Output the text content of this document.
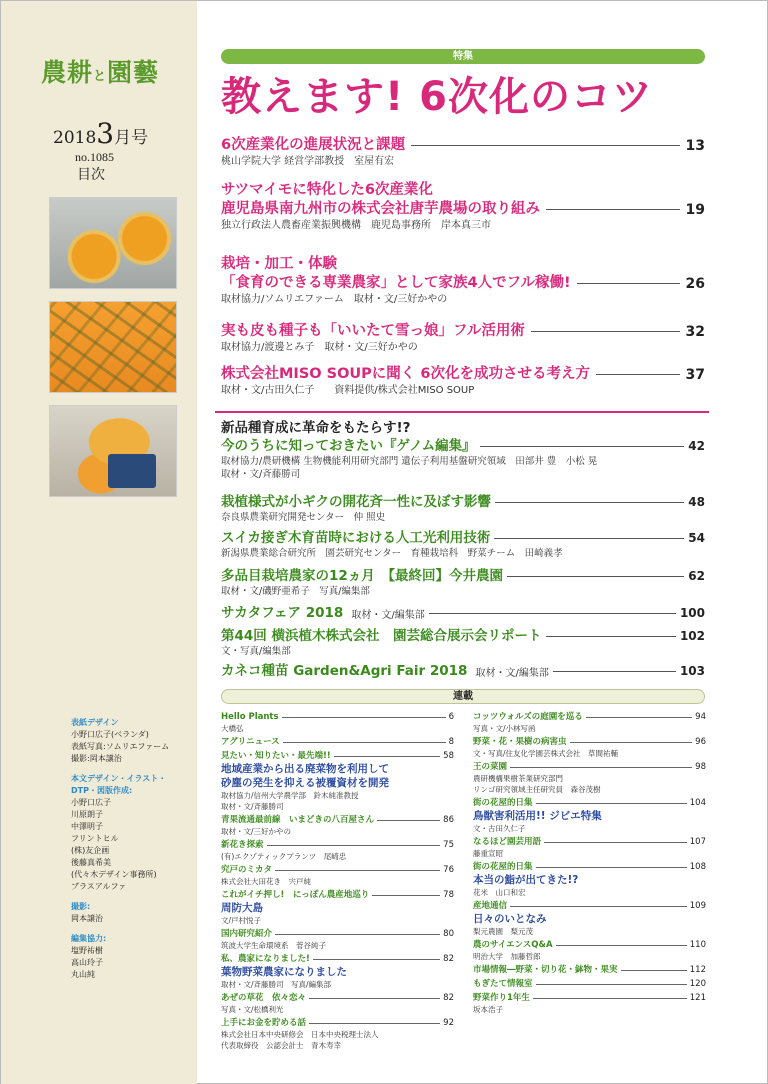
農耕と園藝
20183月号
no.1085
目次
表紙デザイン
小野口広子(ベランダ)
表紙写真:ソムリエファーム
撮影:岡本譲治
本文デザイン・イラスト・
DTP・図版作成:
小野口広子
川原朗子
中澤明子
フリントヒル
(株)友企画
後藤真希美
(代々木デザイン事務所)
ブラスアルファ
撮影:
岡本譲治
編集協力:
塩野祐樹
高山玲子
丸山純
特集
教えます! 6次化のコツ
6次産業化の進展状況と課題	13
桃山学院大学 経営学部教授　室屋有宏
サツマイモに特化した6次産業化
鹿児島県南九州市の株式会社唐芋農場の取り組み	19
独立行政法人農畜産業振興機構　鹿児島事務所　岸本真三市
栽培・加工・体験
「食育のできる専業農家」として家族4人でフル稼働!	26
取材協力/ソムリエファーム　取材・文/三好かやの
実も皮も種子も「いいたて雪っ娘」フル活用術	32
取材協力/渡邊とみ子　取材・文/三好かやの
株式会社MISO SOUPに聞く 6次化を成功させる考え方	37
取材・文/古田久仁子　　資料提供/株式会社MISO SOUP
新品種育成に革命をもたらす!?
今のうちに知っておきたい『ゲノム編集』	42
取材協力/農研機構 生物機能利用研究部門 遺伝子利用基盤研究領域　田部井 豊　小松 晃
取材・文/斉藤勝司
栽植様式が小ギクの開花斉一性に及ぼす影響	48
奈良県農業研究開発センター　仲 照史
スイカ接ぎ木育苗時における人工光利用技術	54
新潟県農業総合研究所　園芸研究センター　育種栽培科　野菜チーム　田崎義孝
多品目栽培農家の12ヵ月　【最終回】今井農園	62
取材・文/磯野亜希子　写真/編集部
サカタフェア 2018 取材・文/編集部	100
第44回 横浜植木株式会社　園芸総合展示会リポート	102
文・写真/編集部
カネコ種苗 Garden&Agri Fair 2018 取材・文/編集部	103
連載
Hello Plants	6
大橋弘
アグリニュース	8
見たい・知りたい・最先端!!	58
地域産業から出る廃菜物を利用して
砂塵の発生を抑える被覆資材を開発
取材協力/信州大学農学部　鈴木純准教授
取材・文/斉藤勝司
青果流通最前線　いまどきの八百屋さん	86
取材・文/三好かやの
新花き探索	75
(有)エクゾティックプランツ　尾崎忠
究戸のミカタ	76
株式会社大田花き　宍戸純
これがイチ押し!　にっぽん農産地巡り	78
周防大島
文/戸村悦子
国内研究紹介	80
筑波大学生命環境系　菅谷純子
私、農家になりました!	82
葉物野菜農家になりました
取材・文/斉藤勝司　写真/編集部
あぜの草花　依々恋々	82
写真・文/松橋利光
上手にお金を貯める話	92
株式会社日本中央研修会　日本中央税理士法人
代表取締役　公認会計士　青木寿幸
コッツウォルズの庭園を巡る	94
写真・文/小林写函
野菜・花・果樹の病害虫	96
文・写真/住友化学園芸株式会社　草間祐輔
王の菜園	98
農研機構果樹茶業研究部門
リンゴ研究領域主任研究員　森谷茂樹
街の花屋的日集	104
鳥獣害利活用!! ジビエ特集
文・古田久仁子
なるほど園芸用語	107
藤重宣昭
街の花屋的日集	108
本当の鮨が出てきた!?
花米　山口和宏
産地通信	109
日々のいとなみ
梨元農園　梨元茂
農のサイエンスQ&A	110
明治大学　加藤哲郎
市場情報―野菜・切り花・鉢物・果実	112
もぎたて情報室	120
野菜作り1年生	121
坂本浩子
